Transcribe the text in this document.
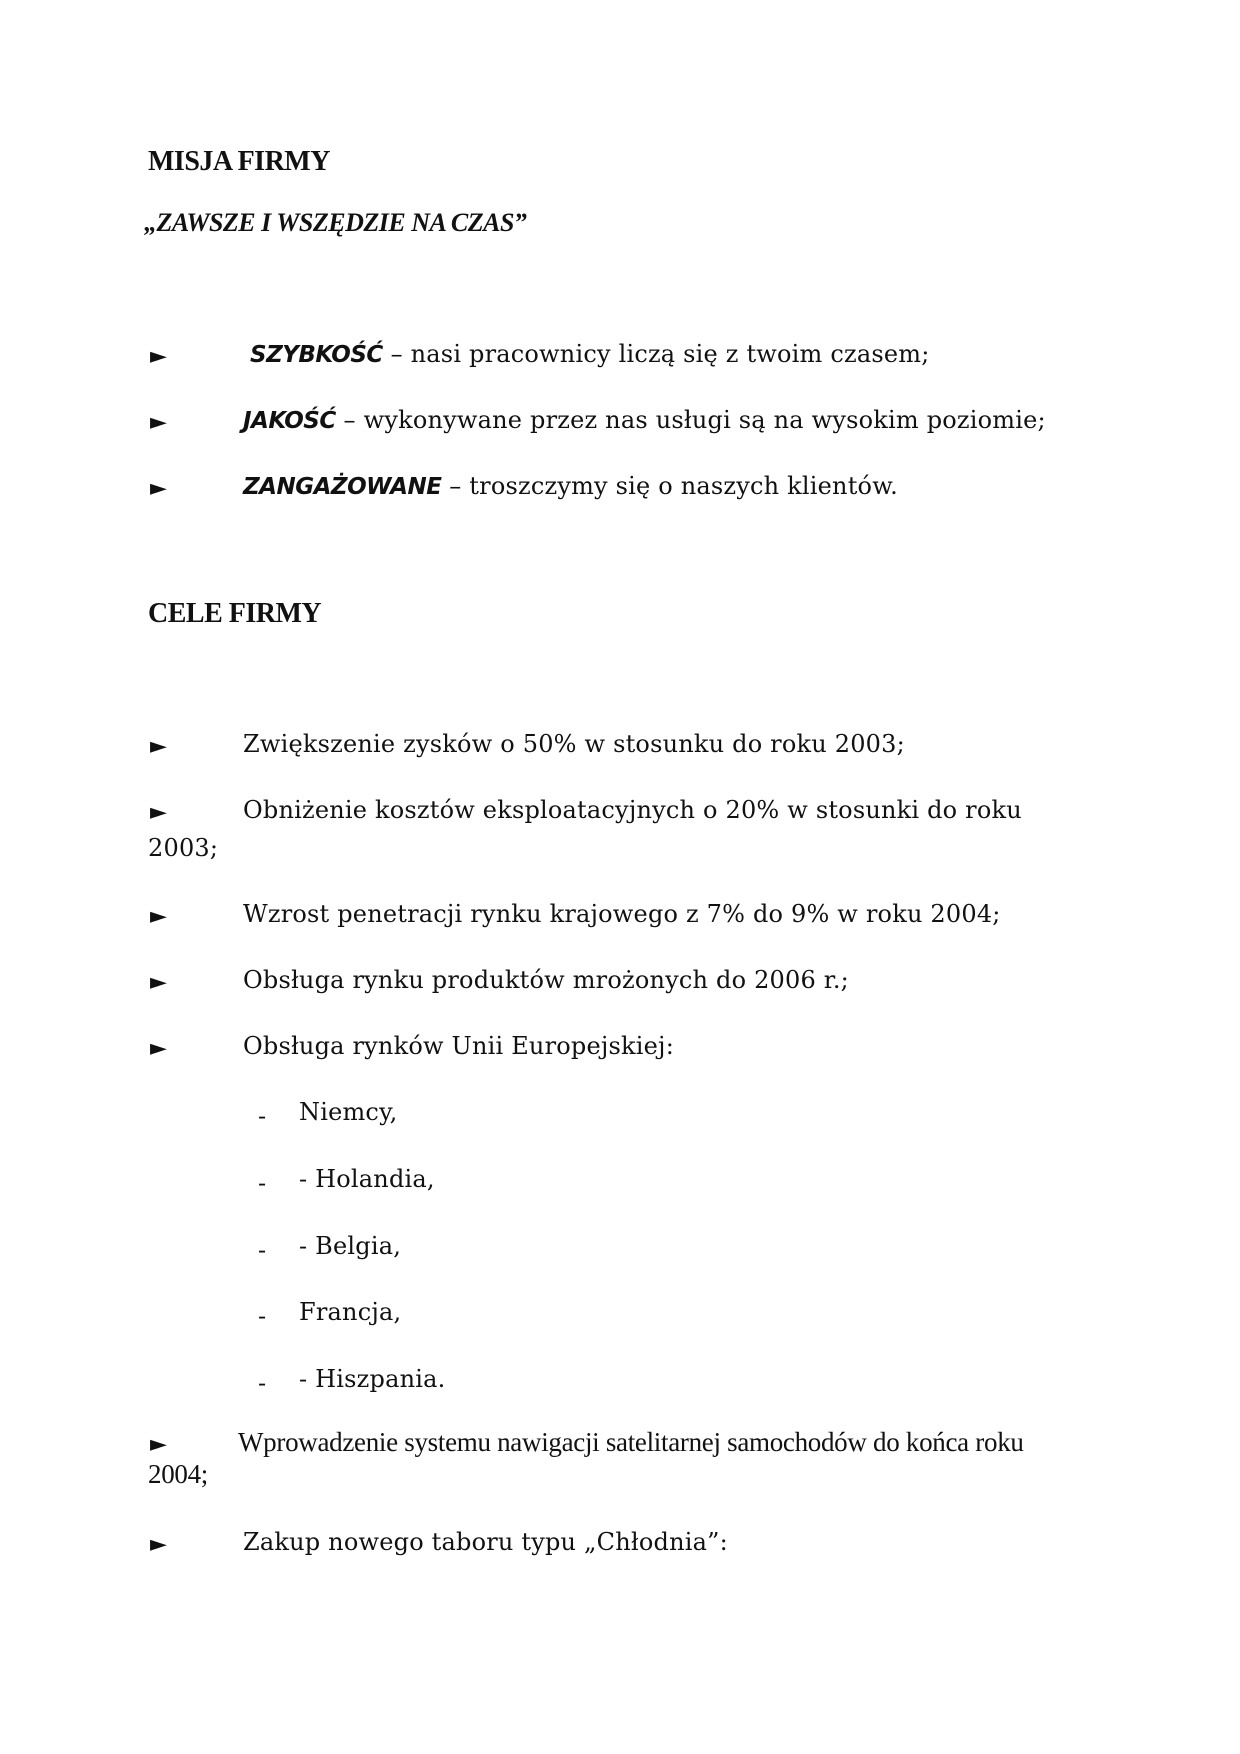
MISJA FIRMY
„ZAWSZE I WSZĘDZIE NA CZAS”
►	SZYBKOŚĆ – nasi pracownicy liczą się z twoim czasem;
►	JAKOŚĆ – wykonywane przez nas usługi są na wysokim poziomie;
►	ZANGAŻOWANE – troszczymy się o naszych klientów.
CELE FIRMY
►	Zwiększenie zysków o 50% w stosunku do roku 2003;
►	Obniżenie kosztów eksploatacyjnych o 20% w stosunki do roku
2003;
►	Wzrost penetracji rynku krajowego z 7% do 9% w roku 2004;
►	Obsługa rynku produktów mrożonych do 2006 r.;
►	Obsługa rynków Unii Europejskiej:
- Niemcy,
- - Holandia,
- - Belgia,
- Francja,
- - Hiszpania.
►	Wprowadzenie systemu nawigacji satelitarnej samochodów do końca roku
2004;
►	Zakup nowego taboru typu „Chłodnia”:
